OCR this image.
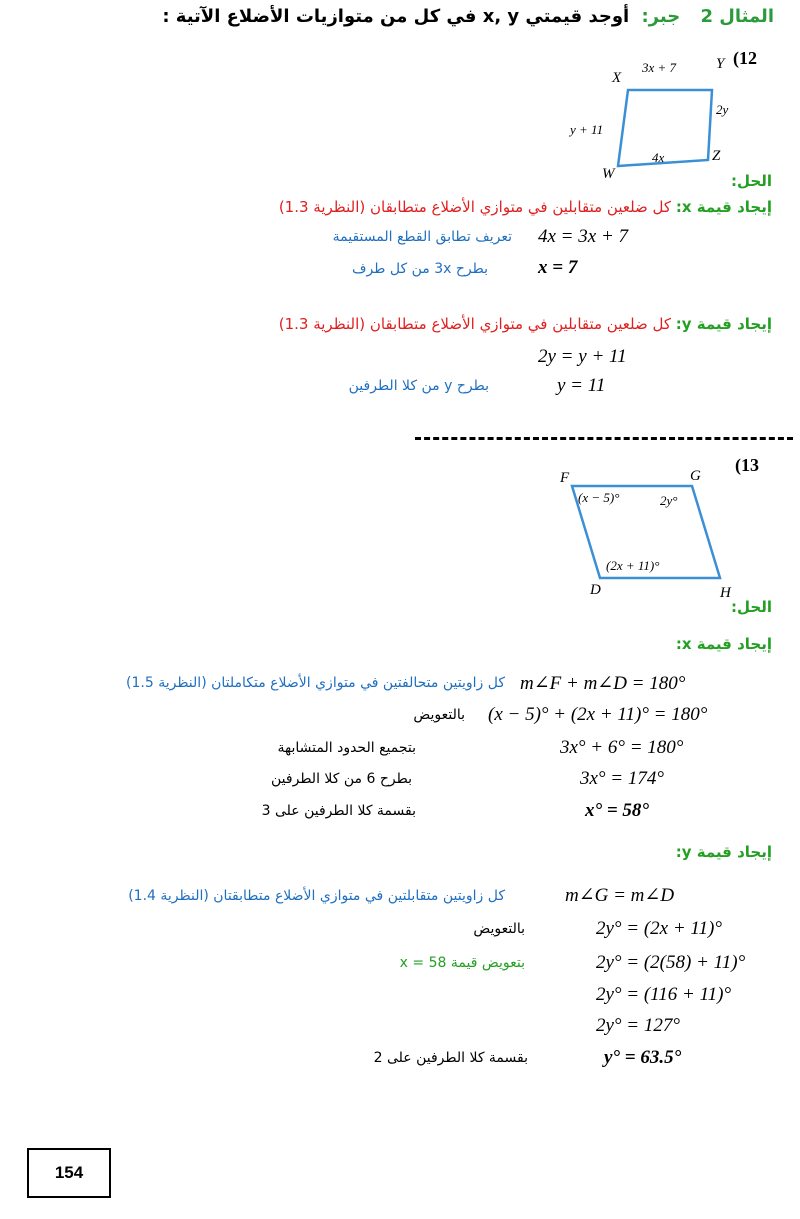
المثال 2 جبر: أوجد قيمتي x, y في كل من متوازيات الأضلاع الآتية :
(12
X
Y
Z
W
3x + 7
2y
4x
y + 11
الحل:
إيجاد قيمة x: كل ضلعين متقابلين في متوازي الأضلاع متطابقان (النظرية 1.3)
4x = 3x + 7
تعريف تطابق القطع المستقيمة
x = 7
بطرح 3x من كل طرف
إيجاد قيمة y: كل ضلعين متقابلين في متوازي الأضلاع متطابقان (النظرية 1.3)
2y = y + 11
y = 11
بطرح y من كلا الطرفين
(13
F	G
H
D
(x − 5)°	2y°
(2x + 11)°
الحل:
إيجاد قيمة x:
m∠F + m∠D = 180°
كل زاويتين متحالفتين في متوازي الأضلاع متكاملتان (النظرية 1.5)
(x − 5)° + (2x + 11)° = 180°
بالتعويض
3x° + 6° = 180°
بتجميع الحدود المتشابهة
3x° = 174°
بطرح 6 من كلا الطرفين
x° = 58°
بقسمة كلا الطرفين على 3
إيجاد قيمة y:
m∠G = m∠D
كل زاويتين متقابلتين في متوازي الأضلاع متطابقتان (النظرية 1.4)
2y° = (2x + 11)°
بالتعويض
2y° = (2(58) + 11)°
بتعويض قيمة 58 = x
2y° = (116 + 11)°
2y° = 127°
y° = 63.5°
بقسمة كلا الطرفين على 2
154
